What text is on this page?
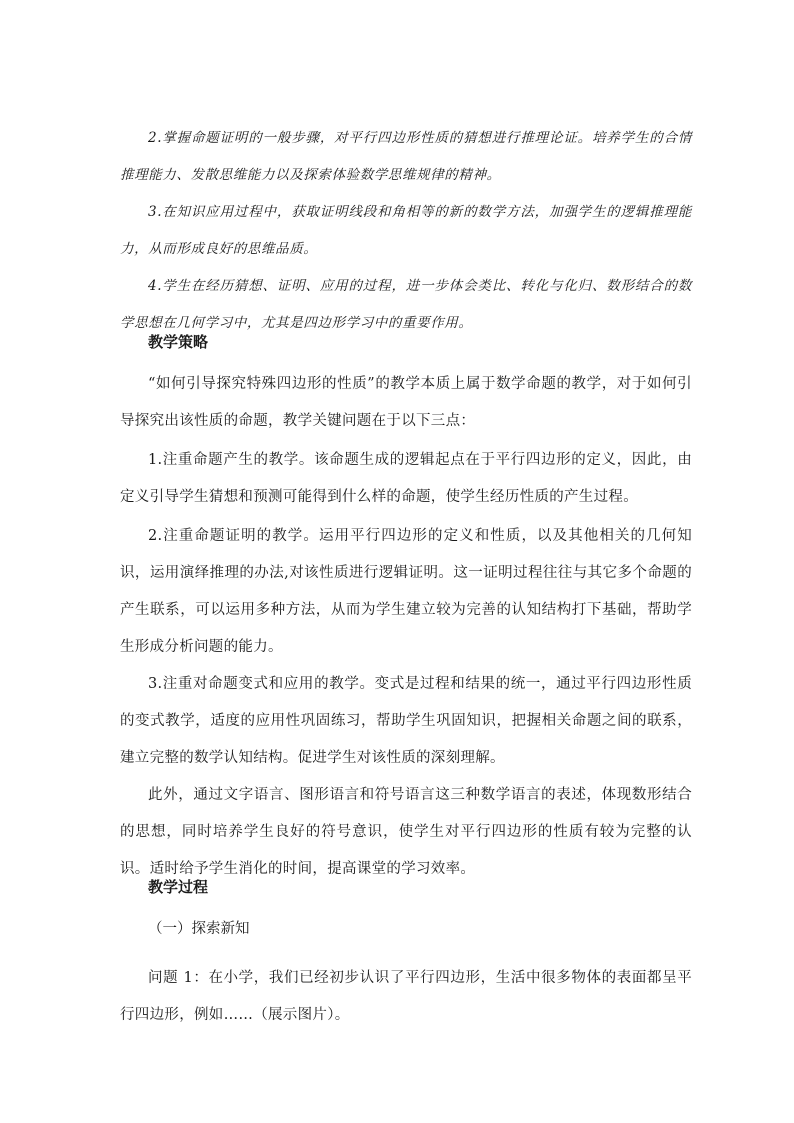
2.掌握命题证明的一般步骤，对平行四边形性质的猜想进行推理论证。培养学生的合情推理能力、发散思维能力以及探索体验数学思维规律的精神。

3.在知识应用过程中，获取证明线段和角相等的新的数学方法，加强学生的逻辑推理能力，从而形成良好的思维品质。

4.学生在经历猜想、证明、应用的过程，进一步体会类比、转化与化归、数形结合的数学思想在几何学习中，尤其是四边形学习中的重要作用。

教学策略

“如何引导探究特殊四边形的性质”的教学本质上属于数学命题的教学，对于如何引导探究出该性质的命题，教学关键问题在于以下三点：

1.注重命题产生的教学。该命题生成的逻辑起点在于平行四边形的定义，因此，由定义引导学生猜想和预测可能得到什么样的命题，使学生经历性质的产生过程。

2.注重命题证明的教学。运用平行四边形的定义和性质，以及其他相关的几何知识，运用演绎推理的办法,对该性质进行逻辑证明。这一证明过程往往与其它多个命题的产生联系，可以运用多种方法，从而为学生建立较为完善的认知结构打下基础，帮助学生形成分析问题的能力。

3.注重对命题变式和应用的教学。变式是过程和结果的统一，通过平行四边形性质的变式教学，适度的应用性巩固练习，帮助学生巩固知识，把握相关命题之间的联系，建立完整的数学认知结构。促进学生对该性质的深刻理解。

此外，通过文字语言、图形语言和符号语言这三种数学语言的表述，体现数形结合的思想，同时培养学生良好的符号意识，使学生对平行四边形的性质有较为完整的认识。适时给予学生消化的时间，提高课堂的学习效率。

教学过程

（一）探索新知

问题 1：在小学，我们已经初步认识了平行四边形，生活中很多物体的表面都呈平行四边形，例如……（展示图片）。
